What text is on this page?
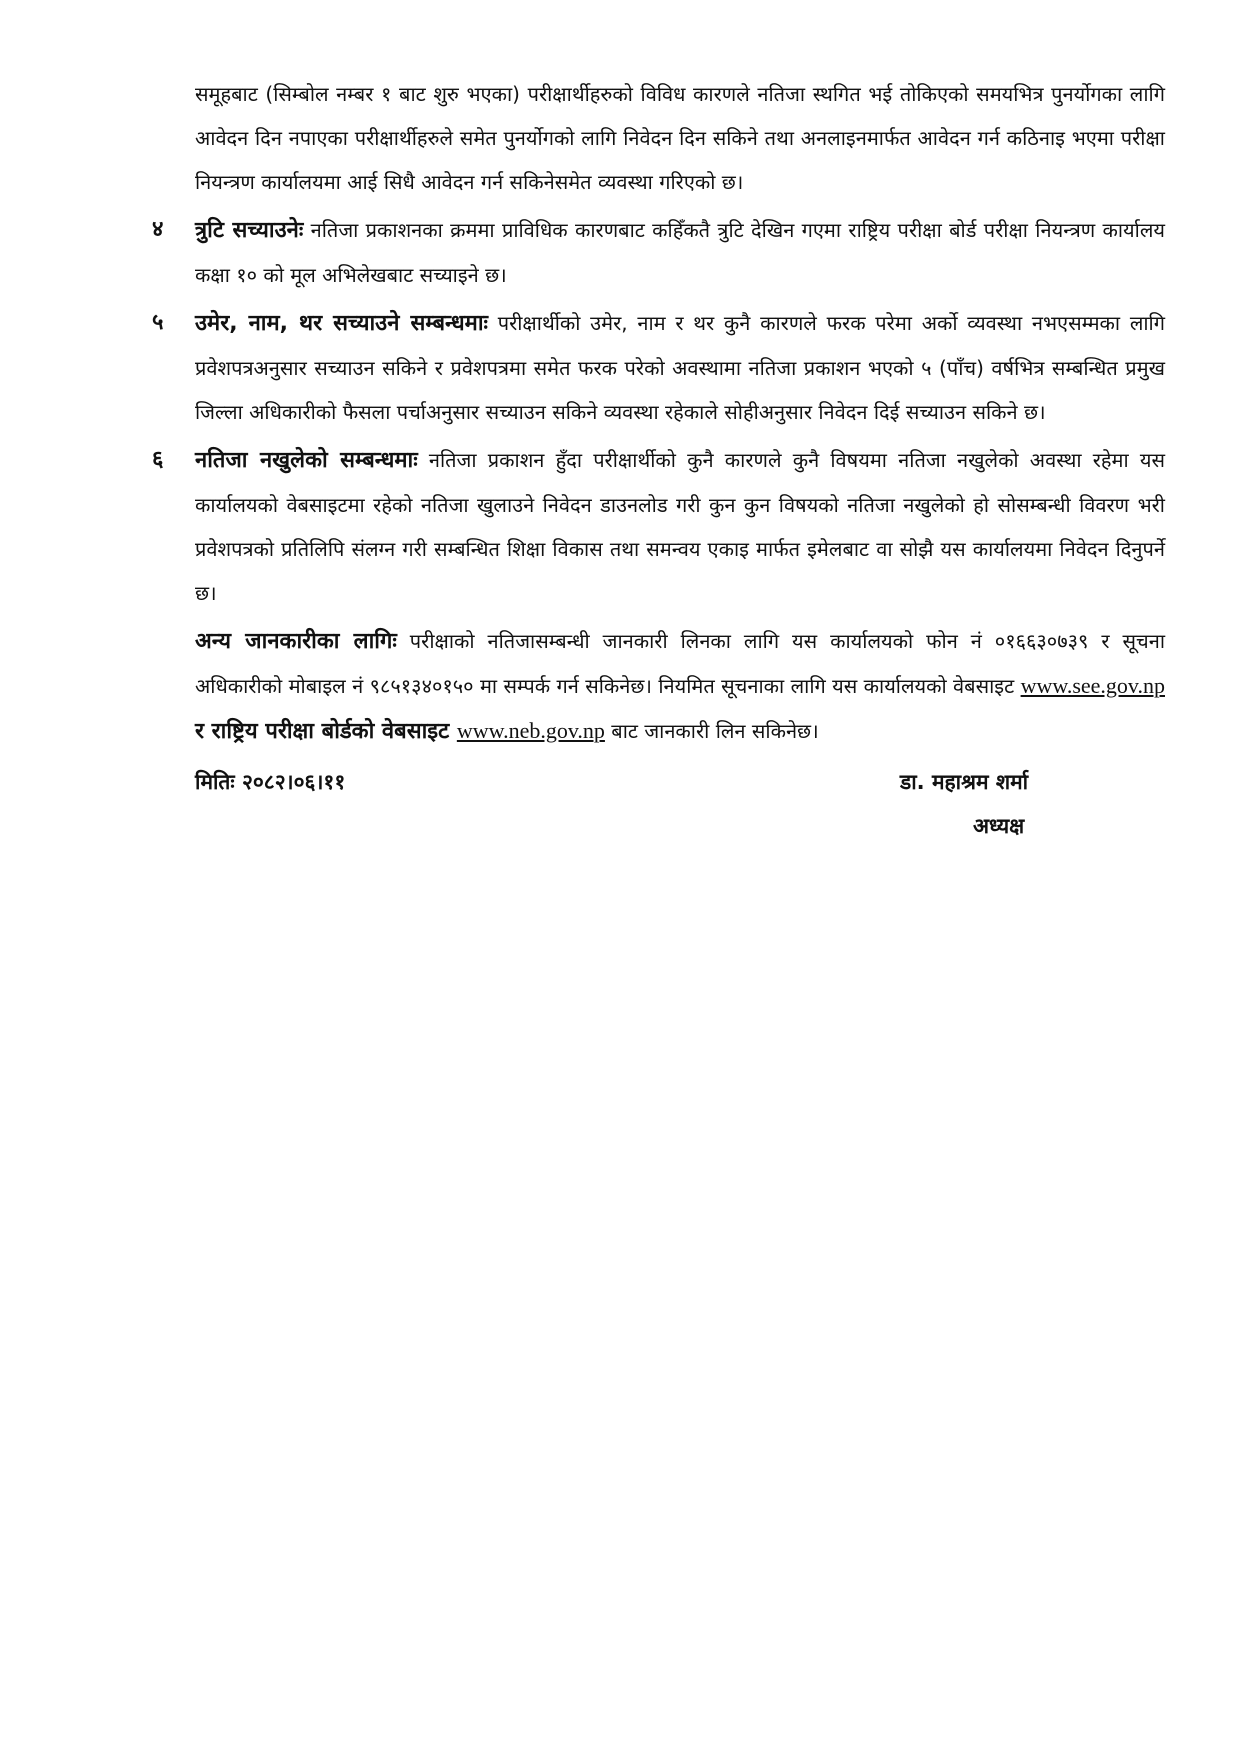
समूहबाट (सिम्बोल नम्बर १ बाट शुरु भएका) परीक्षार्थीहरुको विविध कारणले नतिजा स्थगित भई तोकिएको समयभित्र पुनर्योगका लागि आवेदन दिन नपाएका परीक्षार्थीहरुले समेत पुनर्योगको लागि निवेदन दिन सकिने तथा अनलाइनमार्फत आवेदन गर्न कठिनाइ भएमा परीक्षा नियन्त्रण कार्यालयमा आई सिधै आवेदन गर्न सकिनेसमेत व्यवस्था गरिएको छ।

४ त्रुटि सच्याउनेः नतिजा प्रकाशनका क्रममा प्राविधिक कारणबाट कहिँकतै त्रुटि देखिन गएमा राष्ट्रिय परीक्षा बोर्ड परीक्षा नियन्त्रण कार्यालय कक्षा १० को मूल अभिलेखबाट सच्याइने छ।

५ उमेर, नाम, थर सच्याउने सम्बन्धमाः परीक्षार्थीको उमेर, नाम र थर कुनै कारणले फरक परेमा अर्को व्यवस्था नभएसम्मका लागि प्रवेशपत्रअनुसार सच्याउन सकिने र प्रवेशपत्रमा समेत फरक परेको अवस्थामा नतिजा प्रकाशन भएको ५ (पाँच) वर्षभित्र सम्बन्धित प्रमुख जिल्ला अधिकारीको फैसला पर्चाअनुसार सच्याउन सकिने व्यवस्था रहेकाले सोहीअनुसार निवेदन दिई सच्याउन सकिने छ।

६ नतिजा नखुलेको सम्बन्धमाः नतिजा प्रकाशन हुँदा परीक्षार्थीको कुनै कारणले कुनै विषयमा नतिजा नखुलेको अवस्था रहेमा यस कार्यालयको वेबसाइटमा रहेको नतिजा खुलाउने निवेदन डाउनलोड गरी कुन कुन विषयको नतिजा नखुलेको हो सोसम्बन्धी विवरण भरी प्रवेशपत्रको प्रतिलिपि संलग्न गरी सम्बन्धित शिक्षा विकास तथा समन्वय एकाइ मार्फत इमेलबाट वा सोझै यस कार्यालयमा निवेदन दिनुपर्ने छ।

अन्य जानकारीका लागिः परीक्षाको नतिजासम्बन्धी जानकारी लिनका लागि यस कार्यालयको फोन नं ०१६६३०७३९ र सूचना अधिकारीको मोबाइल नं ९८५१३४०१५० मा सम्पर्क गर्न सकिनेछ। नियमित सूचनाका लागि यस कार्यालयको वेबसाइट www.see.gov.np र राष्ट्रिय परीक्षा बोर्डको वेबसाइट www.neb.gov.np बाट जानकारी लिन सकिनेछ।

मितिः २०८२।०६।११	डा. महाश्रम शर्मा
अध्यक्ष
